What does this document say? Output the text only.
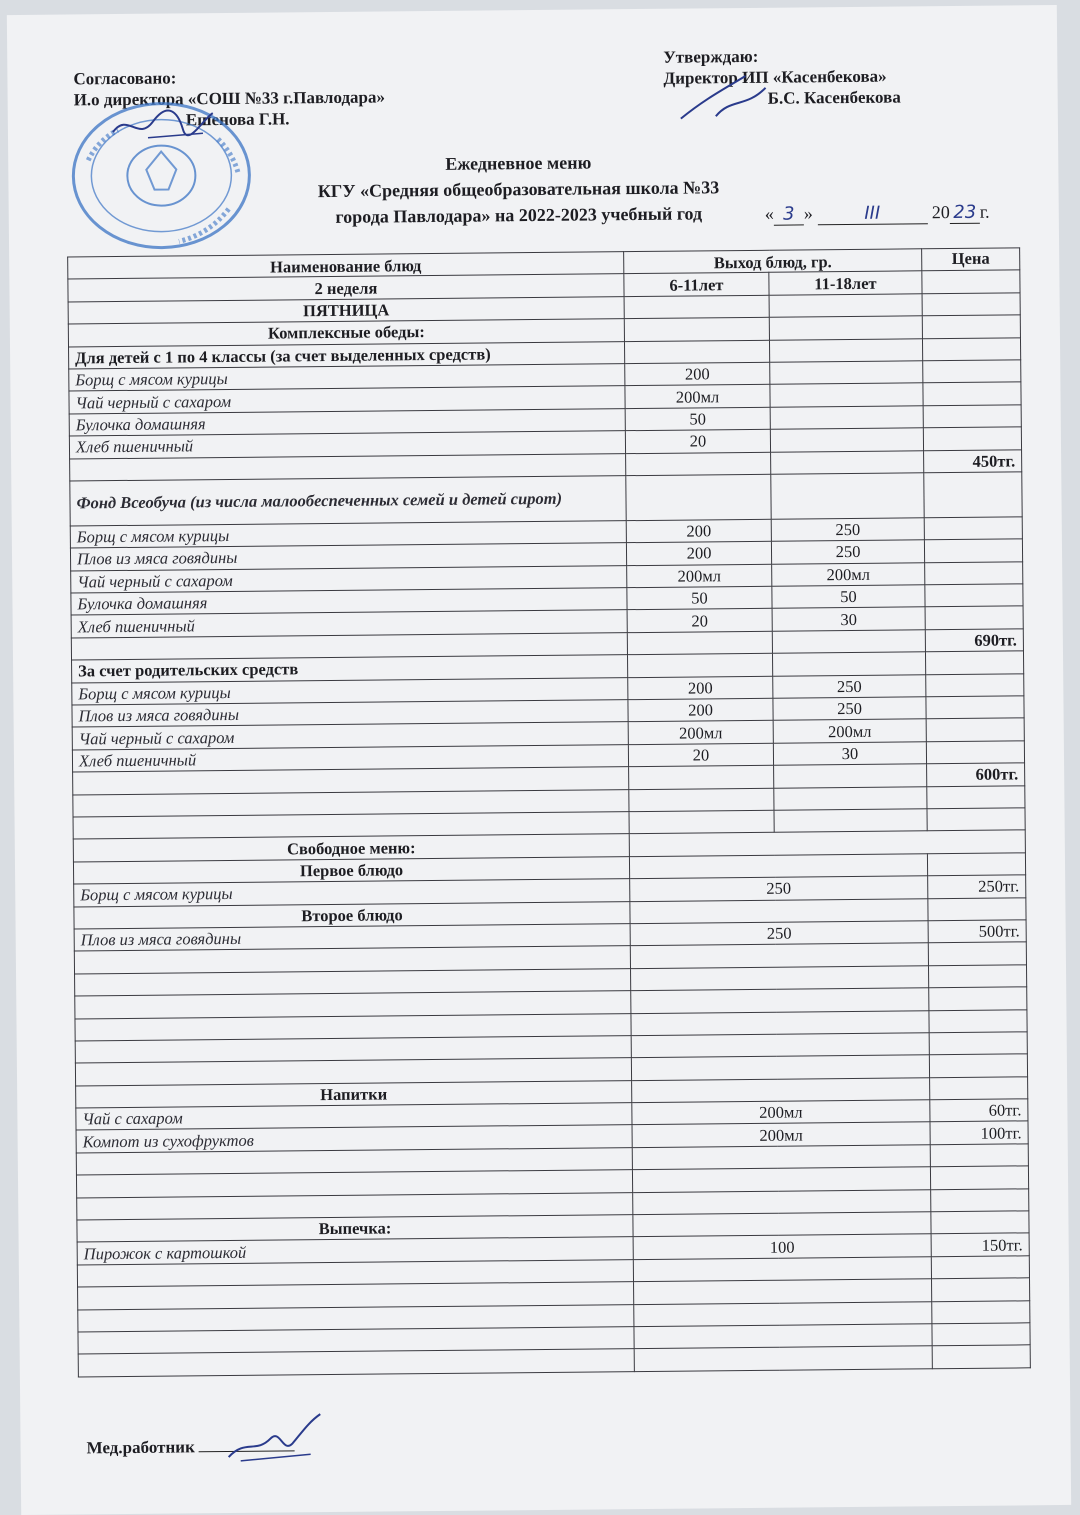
Согласовано:
И.о директора «СОШ №33 г.Павлодара»
Ешенова Г.Н.
Утверждаю:
Директор ИП «Касенбекова»
Б.С. Касенбекова
Ежедневное меню
КГУ «Средняя общеобразовательная школа №33
города Павлодара» на 2022-2023 учебный год	« 3 »	III	20 23 г.
Наименование блюд	Выход блюд, гр.		Цена
2 неделя	6-11лет	11-18лет	
ПЯТНИЦА			
Комплексные обеды:			
Для детей с 1 по 4 классы (за счет выделенных средств)			
Борщ с мясом курицы	200		
Чай черный с сахаром	200мл		
Булочка домашняя	50		
Хлеб пшеничный	20		
			450тг.
Фонд Всеобуча (из числа малообеспеченных семей и детей сирот)			
Борщ с мясом курицы	200	250	
Плов из мяса говядины	200	250	
Чай черный с сахаром	200мл	200мл	
Булочка домашняя	50	50	
Хлеб пшеничный	20	30	
			690тг.
За счет родительских средств			
Борщ с мясом курицы	200	250	
Плов из мяса говядины	200	250	
Чай черный с сахаром	200мл	200мл	
Хлеб пшеничный	20	30	
			600тг.

Свободное меню:			
Первое блюдо			
Борщ с мясом курицы	250		250тг.
Второе блюдо			
Плов из мяса говядины	250		500тг.

Напитки			
Чай с сахаром	200мл		60тг.
Компот из сухофруктов	200мл		100тг.

Выпечка:			
Пирожок с картошкой	100		150тг.

Мед.работник
